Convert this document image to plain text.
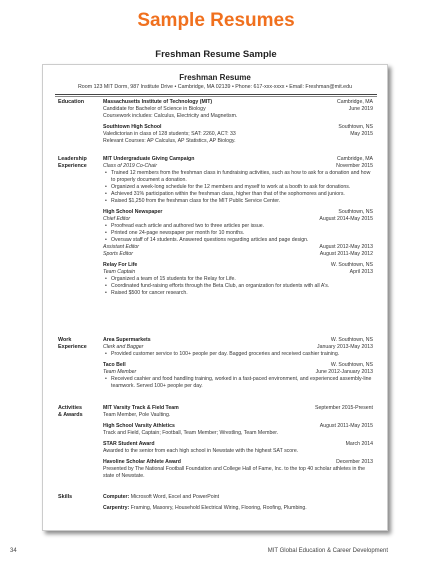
Sample Resumes
Freshman Resume Sample
Freshman Resume
Room 123 MIT Dorm, 987 Institute Drive • Cambridge, MA 02139 • Phone: 617-xxx-xxxx • Email: Freshman@mit.edu
Education	Massachusetts Institute of Technology (MIT)	Cambridge, MA
Candidate for Bachelor of Science in Biology	June 2019
Coursework includes: Calculus, Electricity and Magnetism.
Southtown High School	Southtown, NS
Valedictorian in class of 128 students; SAT: 2260, ACT: 33	May 2015
Relevant Courses: AP Calculus, AP Statistics, AP Biology.
Leadership
Experience
MIT Undergraduate Giving Campaign	Cambridge, MA
Class of 2019 Co-Chair	November 2015
• Trained 12 members from the freshman class in fundraising activities, such as how to ask for a donation and how to properly document a donation.
• Organized a week-long schedule for the 12 members and myself to work at a booth to ask for donations.
• Achieved 31% participation within the freshman class, higher than that of the sophomores and juniors.
• Raised $1,250 from the freshman class for the MIT Public Service Center.
High School Newspaper	Southtown, NS
Chief Editor	August 2014-May 2015
• Proofread each article and authored two to three articles per issue.
• Printed one 24-page newspaper per month for 10 months.
• Oversaw staff of 14 students. Answered questions regarding articles and page design.
Assistant Editor	August 2012-May 2013
Sports Editor	August 2011-May 2012
Relay For Life	W. Southtown, NS
Team Captain	April 2013
• Organized a team of 15 students for the Relay for Life.
• Coordinated fund-raising efforts through the Beta Club, an organization for students with all A's.
• Raised $500 for cancer research.
Work
Experience
Area Supermarkets	W. Southtown, NS
Clerk and Bagger	January 2013-May 2013
• Provided customer service to 100+ people per day. Bagged groceries and received cashier training.
Taco Bell	W. Southtown, NS
Team Member	June 2012-January 2013
• Received cashier and food handling training, worked in a fast-paced environment, and experienced assembly-line teamwork. Served 100+ people per day.
Activities
& Awards
MIT Varsity Track & Field Team	September 2015-Present
Team Member, Pole Vaulting.
High School Varsity Athletics	August 2011-May 2015
Track and Field, Captain; Football, Team Member; Wrestling, Team Member.
STAR Student Award	March 2014
Awarded to the senior from each high school in Newstate with the highest SAT score.
Havoline Scholar Athlete Award	December 2013
Presented by The National Football Foundation and College Hall of Fame, Inc. to the top 40 scholar athletes in the state of Newstate.
Skills	Computer: Microsoft Word, Excel and PowerPoint
Carpentry: Framing, Masonry, Household Electrical Wiring, Flooring, Roofing, Plumbing.
34	MIT Global Education & Career Development
